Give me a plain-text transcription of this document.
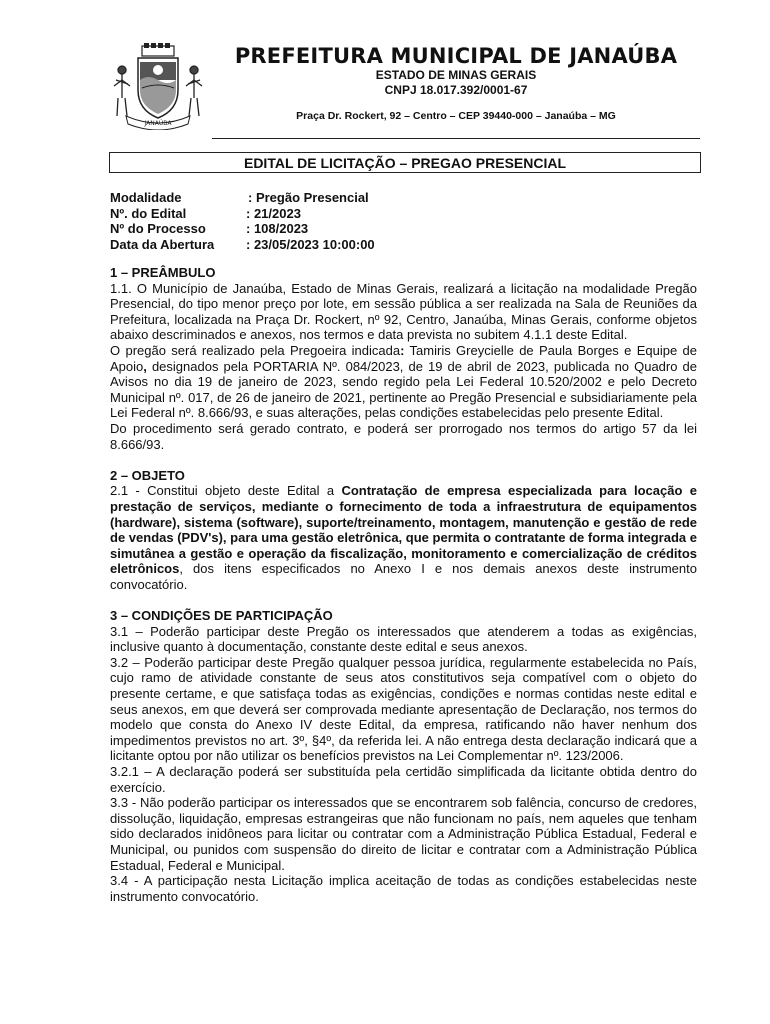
JANAÚBA
PREFEITURA MUNICIPAL DE JANAÚBA
ESTADO DE MINAS GERAIS
CNPJ 18.017.392/0001-67
Praça Dr. Rockert, 92 – Centro – CEP 39440-000 – Janaúba – MG
EDITAL DE LICITAÇÃO – PREGAO PRESENCIAL
Modalidade	: Pregão Presencial
Nº. do Edital	: 21/2023
Nº do Processo	: 108/2023
Data da Abertura : 23/05/2023 10:00:00

1 – PREÂMBULO

1.1. O Município de Janaúba, Estado de Minas Gerais, realizará a licitação na modalidade Pregão Presencial, do tipo menor preço por lote, em sessão pública a ser realizada na Sala de Reuniões da Prefeitura, localizada na Praça Dr. Rockert, nº 92, Centro, Janaúba, Minas Gerais, conforme objetos abaixo descriminados e anexos, nos termos e data prevista no subitem 4.1.1 deste Edital.

O pregão será realizado pela Pregoeira indicada: Tamiris Greycielle de Paula Borges e Equipe de Apoio, designados pela PORTARIA Nº. 084/2023, de 19 de abril de 2023, publicada no Quadro de Avisos no dia 19 de janeiro de 2023, sendo regido pela Lei Federal 10.520/2002 e pelo Decreto Municipal nº. 017, de 26 de janeiro de 2021, pertinente ao Pregão Presencial e subsidiariamente pela Lei Federal nº. 8.666/93, e suas alterações, pelas condições estabelecidas pelo presente Edital.

Do procedimento será gerado contrato, e poderá ser prorrogado nos termos do artigo 57 da lei 8.666/93.

2 – OBJETO

2.1 - Constitui objeto deste Edital a Contratação de empresa especializada para locação e prestação de serviços, mediante o fornecimento de toda a infraestrutura de equipamentos (hardware), sistema (software), suporte/treinamento, montagem, manutenção e gestão de rede de vendas (PDV's), para uma gestão eletrônica, que permita o contratante de forma integrada e simutânea a gestão e operação da fiscalização, monitoramento e comercialização de créditos eletrônicos, dos itens especificados no Anexo I e nos demais anexos deste instrumento convocatório.

3 – CONDIÇÕES DE PARTICIPAÇÃO

3.1 – Poderão participar deste Pregão os interessados que atenderem a todas as exigências, inclusive quanto à documentação, constante deste edital e seus anexos.

3.2 – Poderão participar deste Pregão qualquer pessoa jurídica, regularmente estabelecida no País, cujo ramo de atividade constante de seus atos constitutivos seja compatível com o objeto do presente certame, e que satisfaça todas as exigências, condições e normas contidas neste edital e seus anexos, em que deverá ser comprovada mediante apresentação de Declaração, nos termos do modelo que consta do Anexo IV deste Edital, da empresa, ratificando não haver nenhum dos impedimentos previstos no art. 3º, §4º, da referida lei. A não entrega desta declaração indicará que a licitante optou por não utilizar os benefícios previstos na Lei Complementar nº. 123/2006.

3.2.1 – A declaração poderá ser substituída pela certidão simplificada da licitante obtida dentro do exercício.

3.3 - Não poderão participar os interessados que se encontrarem sob falência, concurso de credores, dissolução, liquidação, empresas estrangeiras que não funcionam no país, nem aqueles que tenham sido declarados inidôneos para licitar ou contratar com a Administração Pública Estadual, Federal e Municipal, ou punidos com suspensão do direito de licitar e contratar com a Administração Pública Estadual, Federal e Municipal.

3.4 - A participação nesta Licitação implica aceitação de todas as condições estabelecidas neste instrumento convocatório.
